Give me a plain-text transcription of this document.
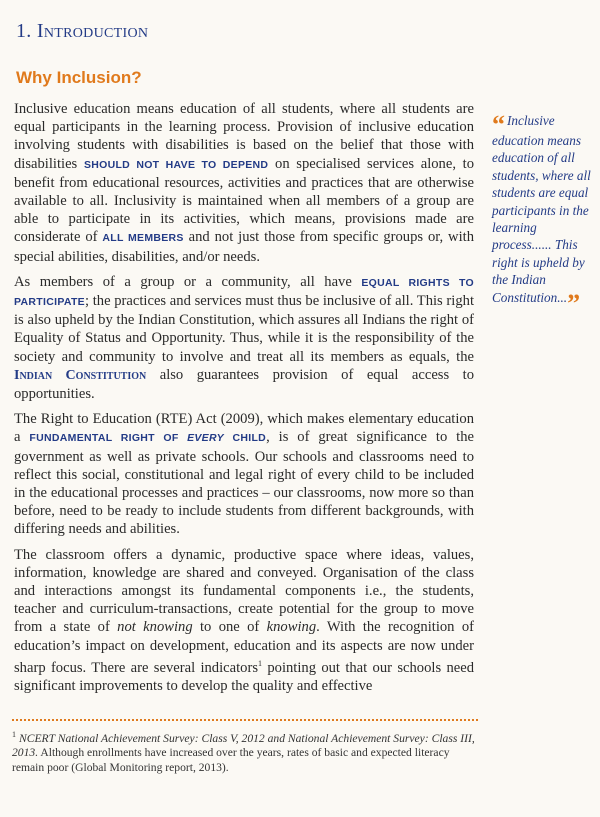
1. Introduction
Why Inclusion?

Inclusive education means education of all students, where all students are equal participants in the learning process. Provision of inclusive education involving students with disabilities is based on the belief that those with disabilities SHOULD NOT HAVE TO DEPEND on specialised services alone, to benefit from educational resources, activities and practices that are otherwise available to all. Inclusivity is maintained when all members of a group are able to participate in its activities, which means, provisions made are considerate of ALL MEMBERS and not just those from specific groups or, with special abilities, disabilities, and/or needs.

As members of a group or a community, all have EQUAL RIGHTS TO PARTICIPATE; the practices and services must thus be inclusive of all. This right is also upheld by the Indian Constitution, which assures all Indians the right of Equality of Status and Opportunity. Thus, while it is the responsibility of the society and community to involve and treat all its members as equals, the Indian Constitution also guarantees provision of equal access to opportunities.

The Right to Education (RTE) Act (2009), which makes elementary education a FUNDAMENTAL RIGHT OF EVERY CHILD, is of great significance to the government as well as private schools. Our schools and classrooms need to reflect this social, constitutional and legal right of every child to be included in the educational processes and practices – our classrooms, now more so than before, need to be ready to include students from different backgrounds, with differing needs and abilities.

The classroom offers a dynamic, productive space where ideas, values, information, knowledge are shared and conveyed. Organisation of the class and interactions amongst its fundamental components i.e., the students, teacher and curriculum-transactions, create potential for the group to move from a state of not knowing to one of knowing. With the recognition of education’s impact on development, education and its aspects are now under sharp focus. There are several indicators$^1$ pointing out that our schools need significant improvements to develop the quality and effective

“ Inclusive education means education of all students, where all students are equal participants in the learning process...... This right is upheld by the Indian Constitution...”
$^1$ NCERT National Achievement Survey: Class V, 2012 and National Achievement Survey: Class III, 2013. Although enrollments have increased over the years, rates of basic and expected literacy remain poor (Global Monitoring report, 2013).
